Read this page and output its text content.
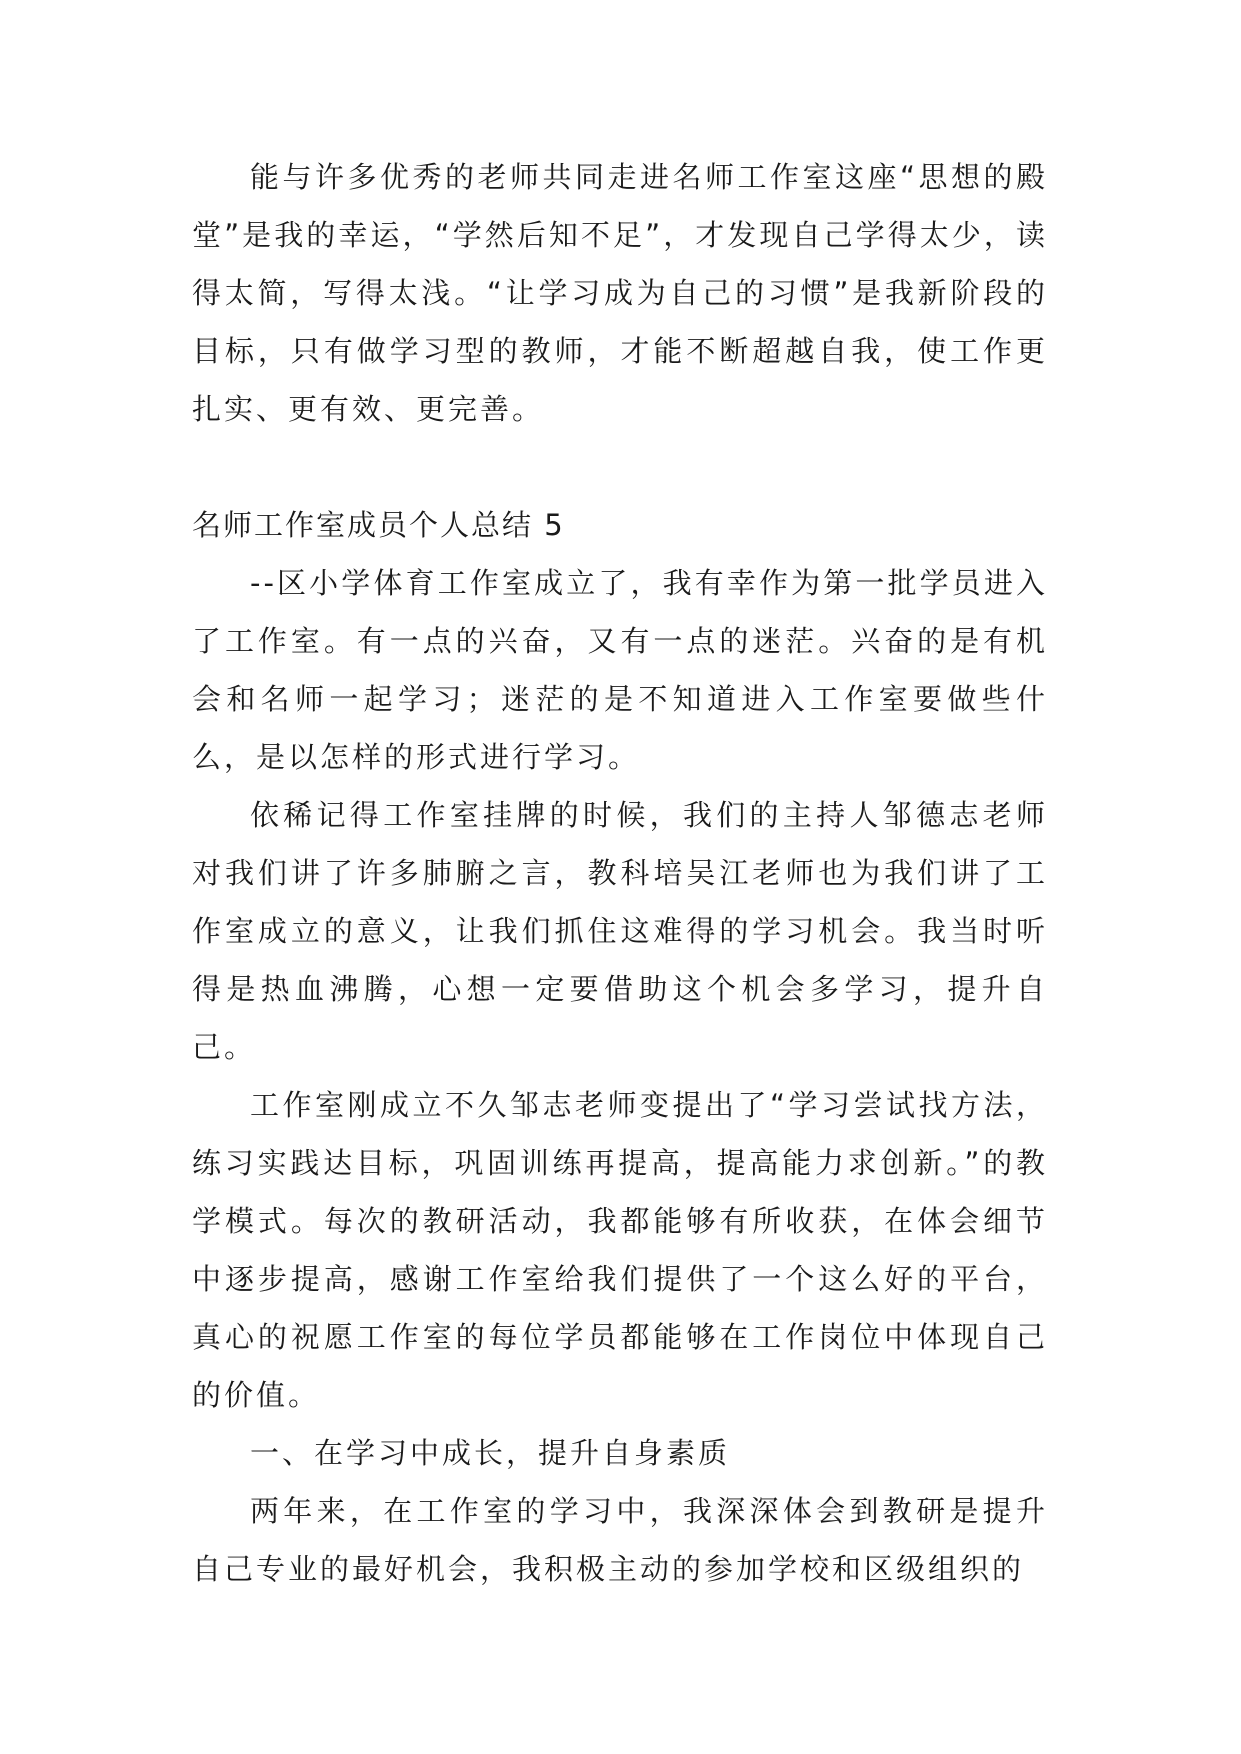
能与许多优秀的老师共同走进名师工作室这座“思想的殿堂”是我的幸运，“学然后知不足”，才发现自己学得太少，读得太简，写得太浅。“让学习成为自己的习惯”是我新阶段的目标，只有做学习型的教师，才能不断超越自我，使工作更扎实、更有效、更完善。

名师工作室成员个人总结 5

--区小学体育工作室成立了，我有幸作为第一批学员进入了工作室。有一点的兴奋，又有一点的迷茫。兴奋的是有机会和名师一起学习；迷茫的是不知道进入工作室要做些什么，是以怎样的形式进行学习。

依稀记得工作室挂牌的时候，我们的主持人邹德志老师对我们讲了许多肺腑之言，教科培吴江老师也为我们讲了工作室成立的意义，让我们抓住这难得的学习机会。我当时听得是热血沸腾，心想一定要借助这个机会多学习，提升自己。

工作室刚成立不久邹志老师变提出了“学习尝试找方法，练习实践达目标，巩固训练再提高，提高能力求创新。”的教学模式。每次的教研活动，我都能够有所收获，在体会细节中逐步提高，感谢工作室给我们提供了一个这么好的平台，真心的祝愿工作室的每位学员都能够在工作岗位中体现自己的价值。

一、在学习中成长，提升自身素质

两年来，在工作室的学习中，我深深体会到教研是提升自己专业的最好机会，我积极主动的参加学校和区级组织的
